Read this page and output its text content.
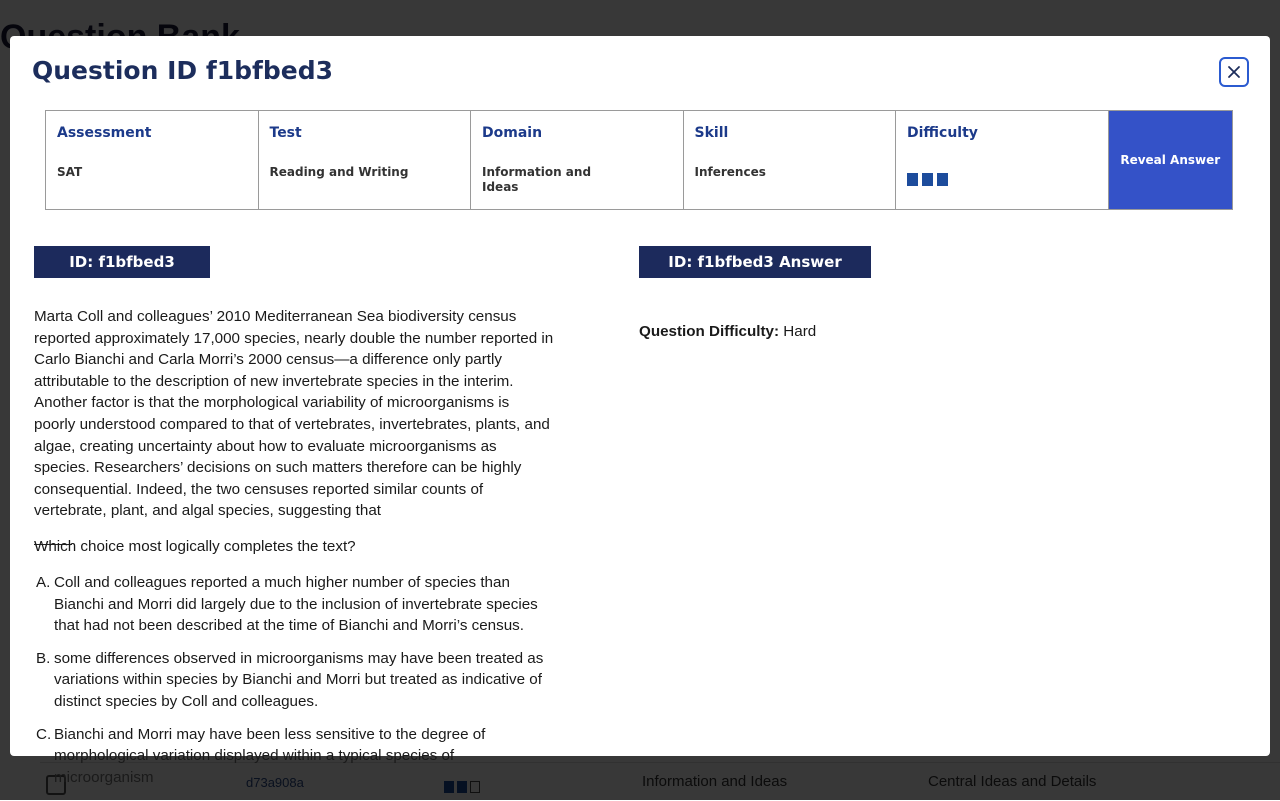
Question ID f1bfbed3
Assessment
SAT
Test
Reading and Writing
Domain
Information and Ideas
Skill
Inferences
Difficulty
Reveal Answer
ID: f1bfbed3

Marta Coll and colleagues’ 2010 Mediterranean Sea biodiversity census reported approximately 17,000 species, nearly double the number reported in Carlo Bianchi and Carla Morri’s 2000 census—a difference only partly attributable to the description of new invertebrate species in the interim. Another factor is that the morphological variability of microorganisms is poorly understood compared to that of vertebrates, invertebrates, plants, and algae, creating uncertainty about how to evaluate microorganisms as species. Researchers’ decisions on such matters therefore can be highly consequential. Indeed, the two censuses reported similar counts of vertebrate, plant, and algal species, suggesting that

Which choice most logically completes the text?

A. Coll and colleagues reported a much higher number of species than Bianchi and Morri did largely due to the inclusion of invertebrate species that had not been described at the time of Bianchi and Morri’s census.
B. some differences observed in microorganisms may have been treated as variations within species by Bianchi and Morri but treated as indicative of distinct species by Coll and colleagues.
C. Bianchi and Morri may have been less sensitive to the degree of morphological variation displayed within a typical species of microorganism
ID: f1bfbed3 Answer
Question Difficulty: Hard
